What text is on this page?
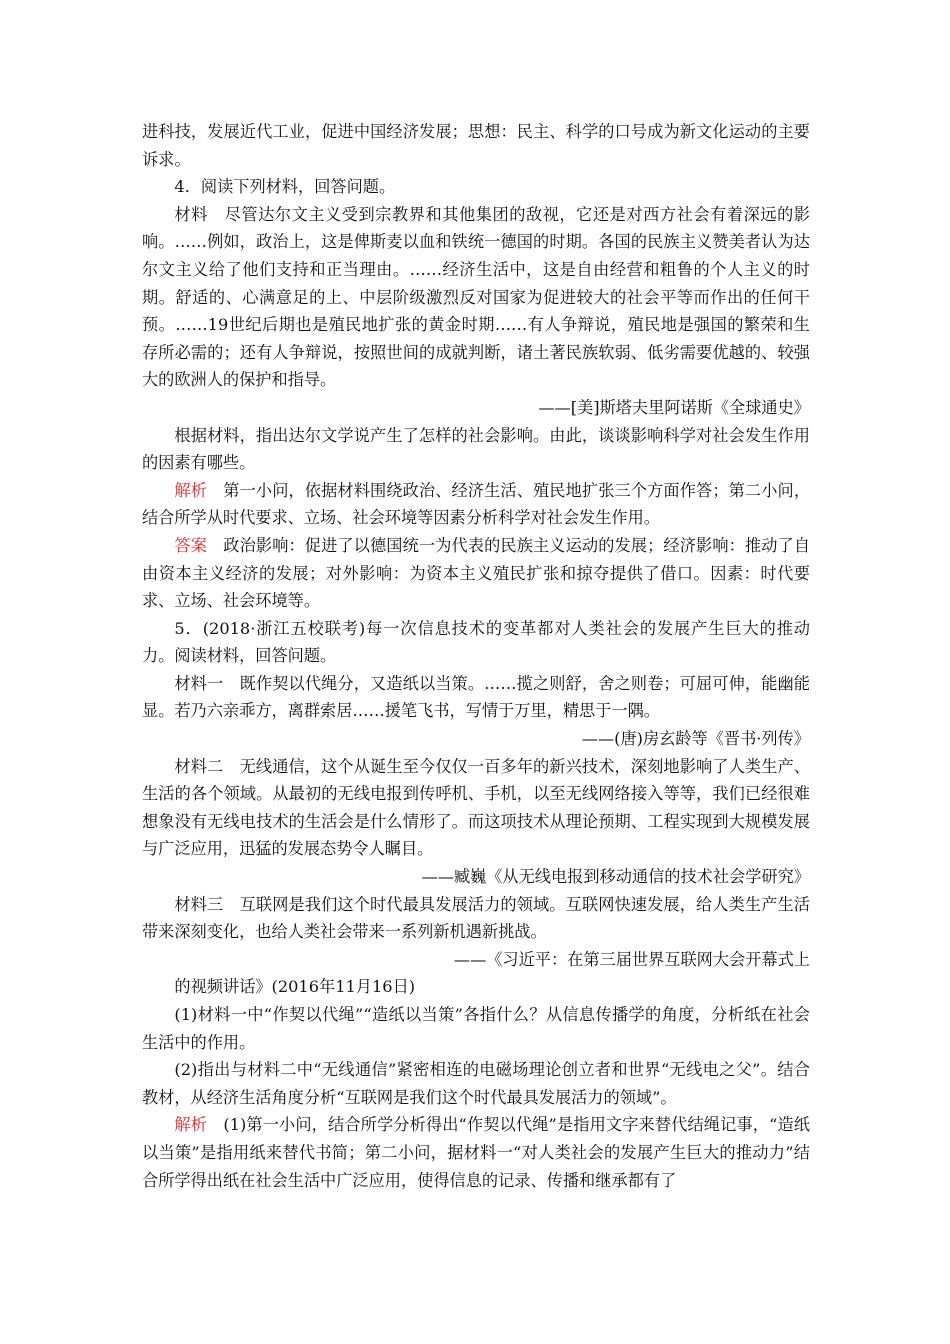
进科技，发展近代工业，促进中国经济发展；思想：民主、科学的口号成为新文化运动的主要诉求。

4．阅读下列材料，回答问题。

材料　尽管达尔文主义受到宗教界和其他集团的敌视，它还是对西方社会有着深远的影响。……例如，政治上，这是俾斯麦以血和铁统一德国的时期。各国的民族主义赞美者认为达尔文主义给了他们支持和正当理由。……经济生活中，这是自由经营和粗鲁的个人主义的时期。舒适的、心满意足的上、中层阶级激烈反对国家为促进较大的社会平等而作出的任何干预。……19世纪后期也是殖民地扩张的黄金时期……有人争辩说，殖民地是强国的繁荣和生存所必需的；还有人争辩说，按照世间的成就判断，诸土著民族软弱、低劣需要优越的、较强大的欧洲人的保护和指导。

——[美]斯塔夫里阿诺斯《全球通史》

根据材料，指出达尔文学说产生了怎样的社会影响。由此，谈谈影响科学对社会发生作用的因素有哪些。

解析　第一小问，依据材料围绕政治、经济生活、殖民地扩张三个方面作答；第二小问，结合所学从时代要求、立场、社会环境等因素分析科学对社会发生作用。

答案　政治影响：促进了以德国统一为代表的民族主义运动的发展；经济影响：推动了自由资本主义经济的发展；对外影响：为资本主义殖民扩张和掠夺提供了借口。因素：时代要求、立场、社会环境等。

5．(2018·浙江五校联考)每一次信息技术的变革都对人类社会的发展产生巨大的推动力。阅读材料，回答问题。

材料一　既作契以代绳分，又造纸以当策。……揽之则舒，舍之则卷；可屈可伸，能幽能显。若乃六亲乖方，离群索居……援笔飞书，写情于万里，精思于一隅。

——(唐)房玄龄等《晋书·列传》

材料二　无线通信，这个从诞生至今仅仅一百多年的新兴技术，深刻地影响了人类生产、生活的各个领域。从最初的无线电报到传呼机、手机，以至无线网络接入等等，我们已经很难想象没有无线电技术的生活会是什么情形了。而这项技术从理论预期、工程实现到大规模发展与广泛应用，迅猛的发展态势令人瞩目。

——臧巍《从无线电报到移动通信的技术社会学研究》

材料三　互联网是我们这个时代最具发展活力的领域。互联网快速发展，给人类生产生活带来深刻变化，也给人类社会带来一系列新机遇新挑战。

——《习近平：在第三届世界互联网大会开幕式上

的视频讲话》(2016年11月16日)

(1)材料一中“作契以代绳”“造纸以当策”各指什么？从信息传播学的角度，分析纸在社会生活中的作用。

(2)指出与材料二中“无线通信”紧密相连的电磁场理论创立者和世界“无线电之父”。结合教材，从经济生活角度分析“互联网是我们这个时代最具发展活力的领域”。

解析　(1)第一小问，结合所学分析得出“作契以代绳”是指用文字来替代结绳记事，“造纸以当策”是指用纸来替代书简；第二小问，据材料一“对人类社会的发展产生巨大的推动力”结合所学得出纸在社会生活中广泛应用，使得信息的记录、传播和继承都有了
